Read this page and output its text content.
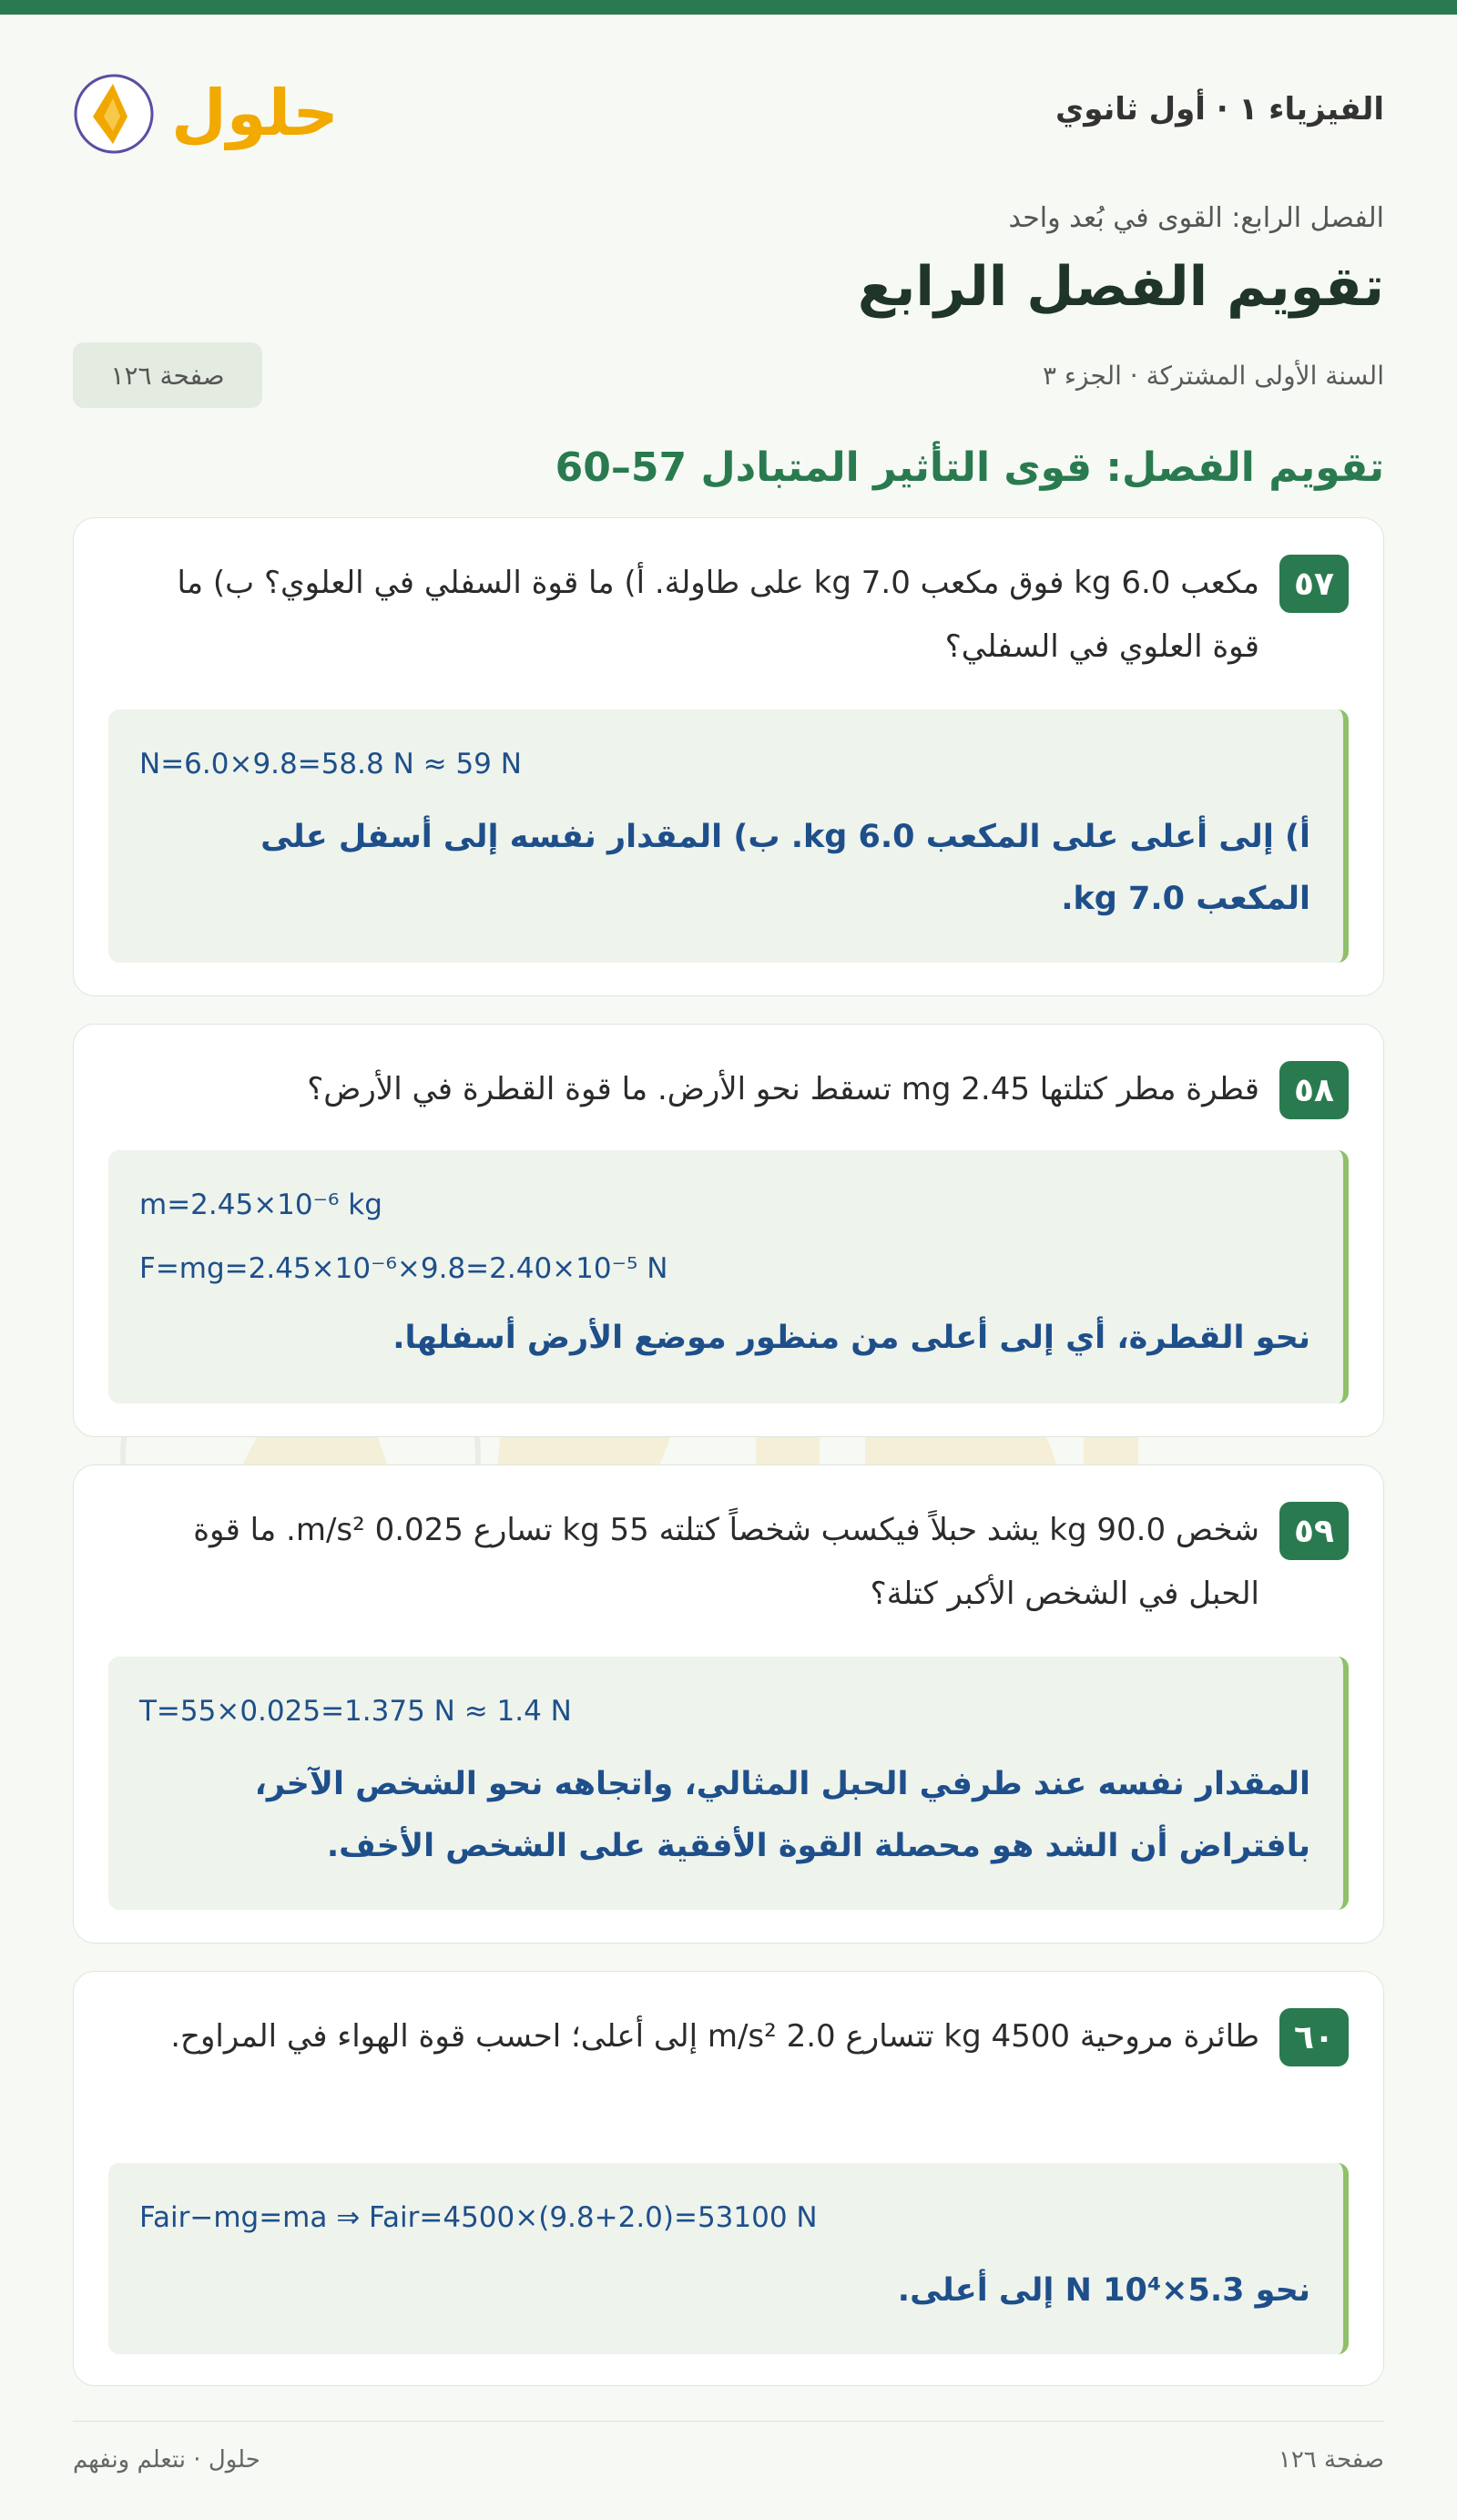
الفيزياء ١ · أول ثانوي
حلول
الفصل الرابع: القوى في بُعد واحد
تقويم الفصل الرابع
السنة الأولى المشتركة · الجزء ٣
صفحة ١٢٦
تقويم الفصل: قوى التأثير المتبادل 57–60
٥٧
مكعب 6.0 kg فوق مكعب 7.0 kg على طاولة. أ) ما قوة السفلي في العلوي؟ ب) ما قوة العلوي في السفلي؟
N=6.0×9.8=58.8 N ≈ 59 N
أ) إلى أعلى على المكعب 6.0 kg. ب) المقدار نفسه إلى أسفل على المكعب 7.0 kg.
٥٨
قطرة مطر كتلتها 2.45 mg تسقط نحو الأرض. ما قوة القطرة في الأرض؟
m=2.45×10⁻⁶ kg
F=mg=2.45×10⁻⁶×9.8=2.40×10⁻⁵ N
نحو القطرة، أي إلى أعلى من منظور موضع الأرض أسفلها.
٥٩
شخص 90.0 kg يشد حبلاً فيكسب شخصاً كتلته 55 kg تسارع 0.025 m/s². ما قوة الحبل في الشخص الأكبر كتلة؟
T=55×0.025=1.375 N ≈ 1.4 N
المقدار نفسه عند طرفي الحبل المثالي، واتجاهه نحو الشخص الآخر، بافتراض أن الشد هو محصلة القوة الأفقية على الشخص الأخف.
٦٠
طائرة مروحية 4500 kg تتسارع 2.0 m/s² إلى أعلى؛ احسب قوة الهواء في المراوح.
Fair−mg=ma ⇒ Fair=4500×(9.8+2.0)=53100 N
نحو 5.3×10⁴ N إلى أعلى.
صفحة ١٢٦
حلول · نتعلم ونفهم
